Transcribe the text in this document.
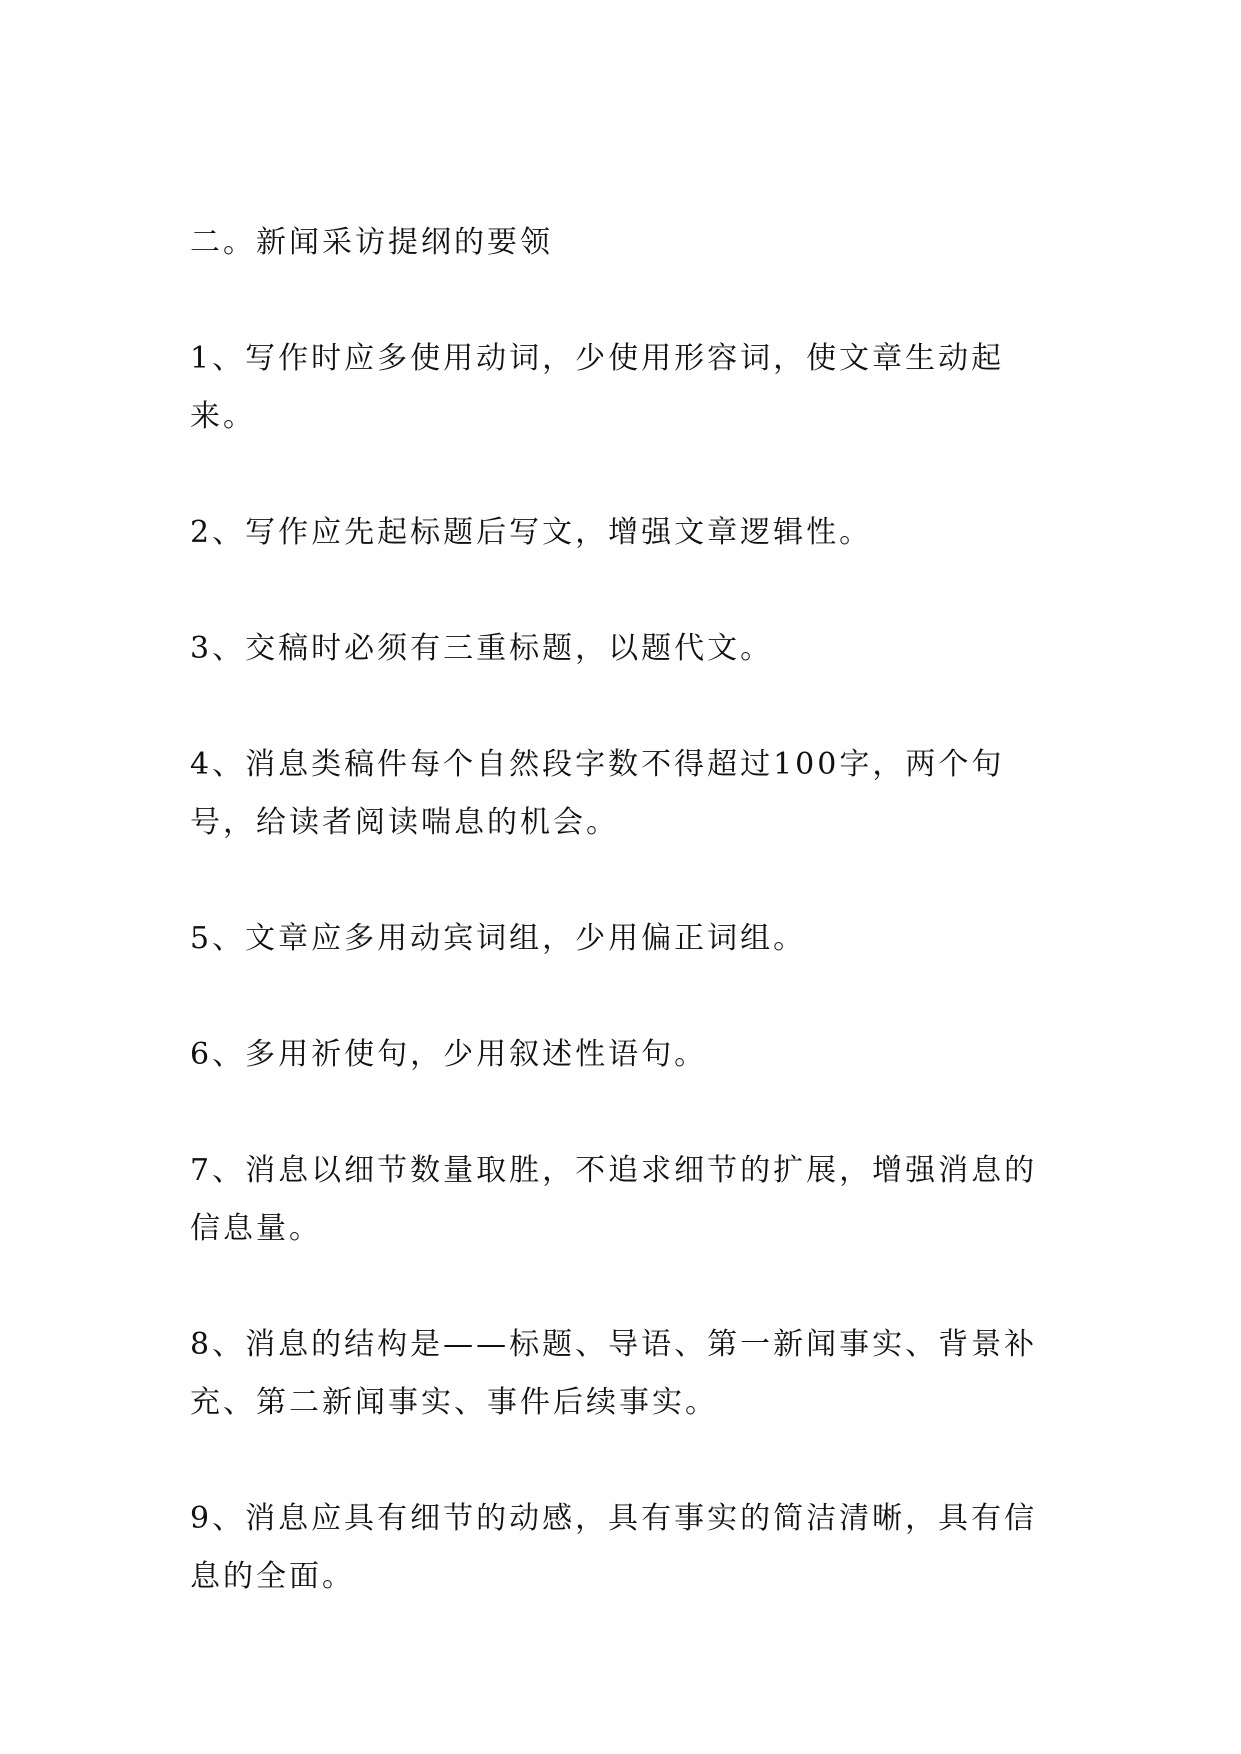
二。新闻采访提纲的要领
1、写作时应多使用动词，少使用形容词，使文章生动起来。
2、写作应先起标题后写文，增强文章逻辑性。
3、交稿时必须有三重标题，以题代文。
4、消息类稿件每个自然段字数不得超过100字，两个句号，给读者阅读喘息的机会。
5、文章应多用动宾词组，少用偏正词组。
6、多用祈使句，少用叙述性语句。
7、消息以细节数量取胜，不追求细节的扩展，增强消息的信息量。
8、消息的结构是——标题、导语、第一新闻事实、背景补充、第二新闻事实、事件后续事实。
9、消息应具有细节的动感，具有事实的简洁清晰，具有信息的全面。
